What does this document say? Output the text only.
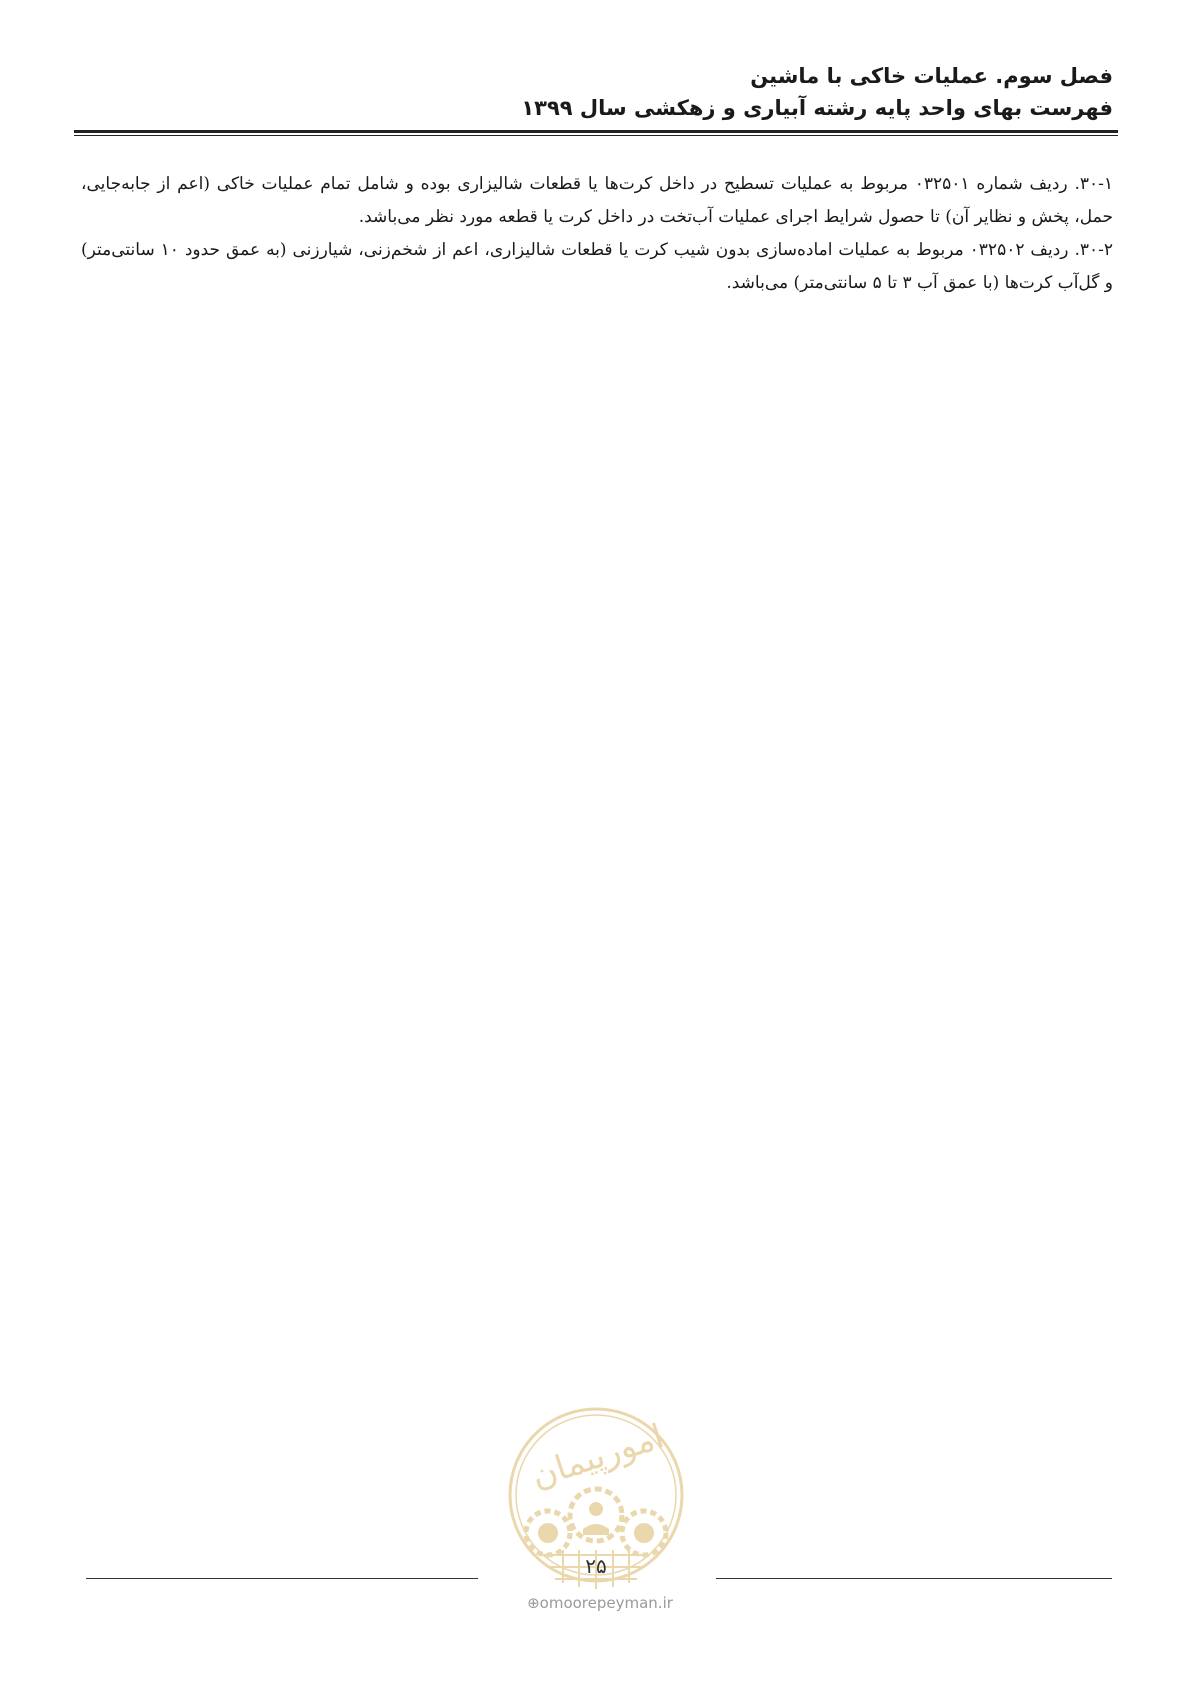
فصل سوم. عملیات خاکی با ماشین
فهرست بهای واحد پایه رشته آبیاری و زهکشی سال ۱۳۹۹

۳۰-۱. ردیف شماره ۰۳۲۵۰۱ مربوط به عملیات تسطیح در داخل کرت‌ها یا قطعات شالیزاری بوده و شامل تمام عملیات خاکی (اعم از جابه‌جایی، حمل، پخش و نظایر آن) تا حصول شرایط اجرای عملیات آب‌تخت در داخل کرت یا قطعه مورد نظر می‌باشد.

۳۰-۲. ردیف ۰۳۲۵۰۲ مربوط به عملیات اماده‌سازی بدون شیب کرت یا قطعات شالیزاری، اعم از شخم‌زنی، شیارزنی (به عمق حدود ۱۰ سانتی‌متر) و گل‌آب کرت‌ها (با عمق آب ۳ تا ۵ سانتی‌متر) می‌باشد.

امورپیمان
۲۵
⊕omoorepeyman.ir
